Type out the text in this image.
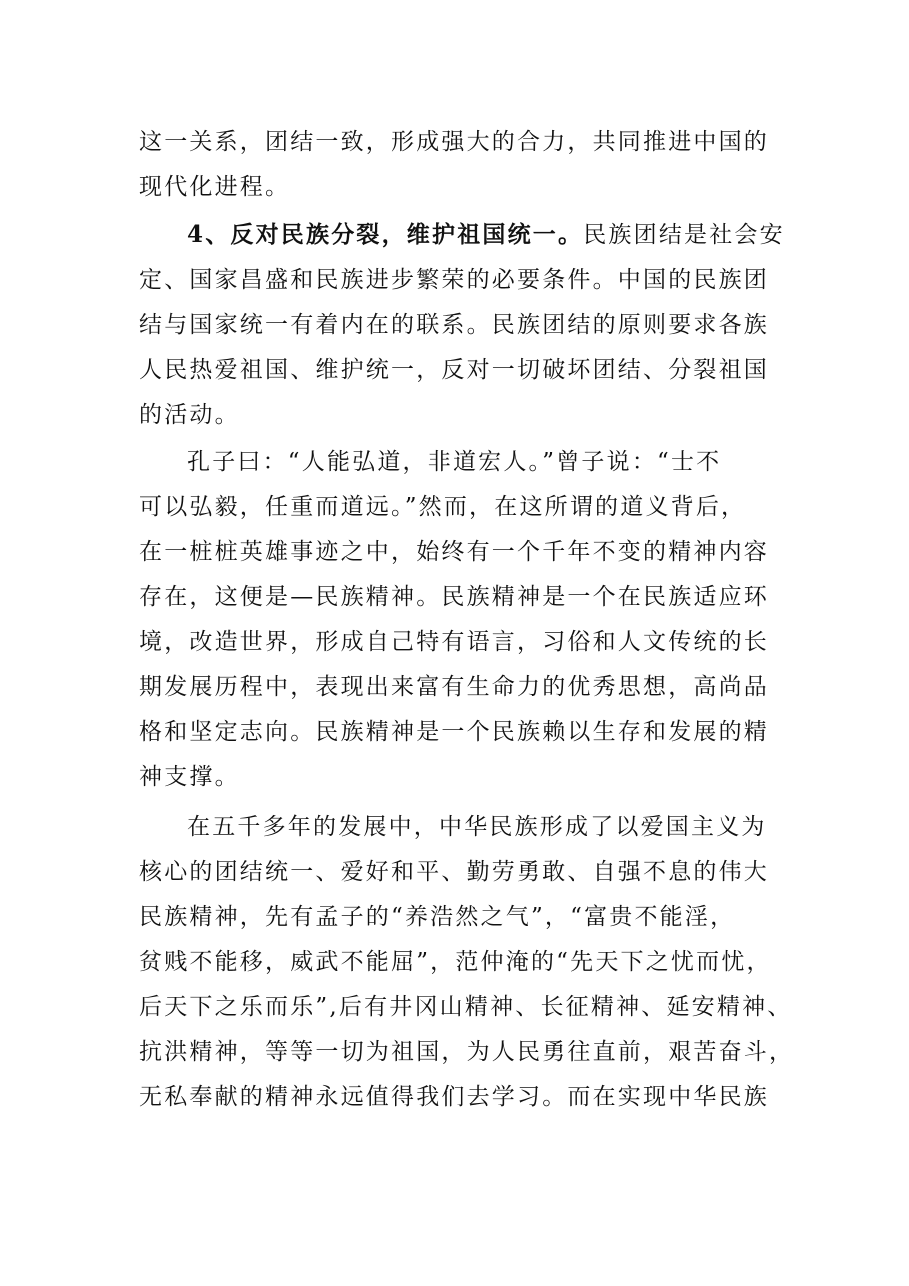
这一关系，团结一致，形成强大的合力，共同推进中国的
现代化进程。
4、反对民族分裂，维护祖国统一。民族团结是社会安
定、国家昌盛和民族进步繁荣的必要条件。中国的民族团
结与国家统一有着内在的联系。民族团结的原则要求各族
人民热爱祖国、维护统一，反对一切破坏团结、分裂祖国
的活动。
孔子曰：“人能弘道，非道宏人。”曾子说：“士不
可以弘毅，任重而道远。”然而，在这所谓的道义背后，
在一桩桩英雄事迹之中，始终有一个千年不变的精神内容
存在，这便是—民族精神。民族精神是一个在民族适应环
境，改造世界，形成自己特有语言，习俗和人文传统的长
期发展历程中，表现出来富有生命力的优秀思想，高尚品
格和坚定志向。民族精神是一个民族赖以生存和发展的精
神支撑。
在五千多年的发展中，中华民族形成了以爱国主义为
核心的团结统一、爱好和平、勤劳勇敢、自强不息的伟大
民族精神，先有孟子的“养浩然之气”，“富贵不能淫，
贫贱不能移，威武不能屈”，范仲淹的“先天下之忧而忧，
后天下之乐而乐”,后有井冈山精神、长征精神、延安精神、
抗洪精神，等等一切为祖国，为人民勇往直前，艰苦奋斗，
无私奉献的精神永远值得我们去学习。而在实现中华民族
